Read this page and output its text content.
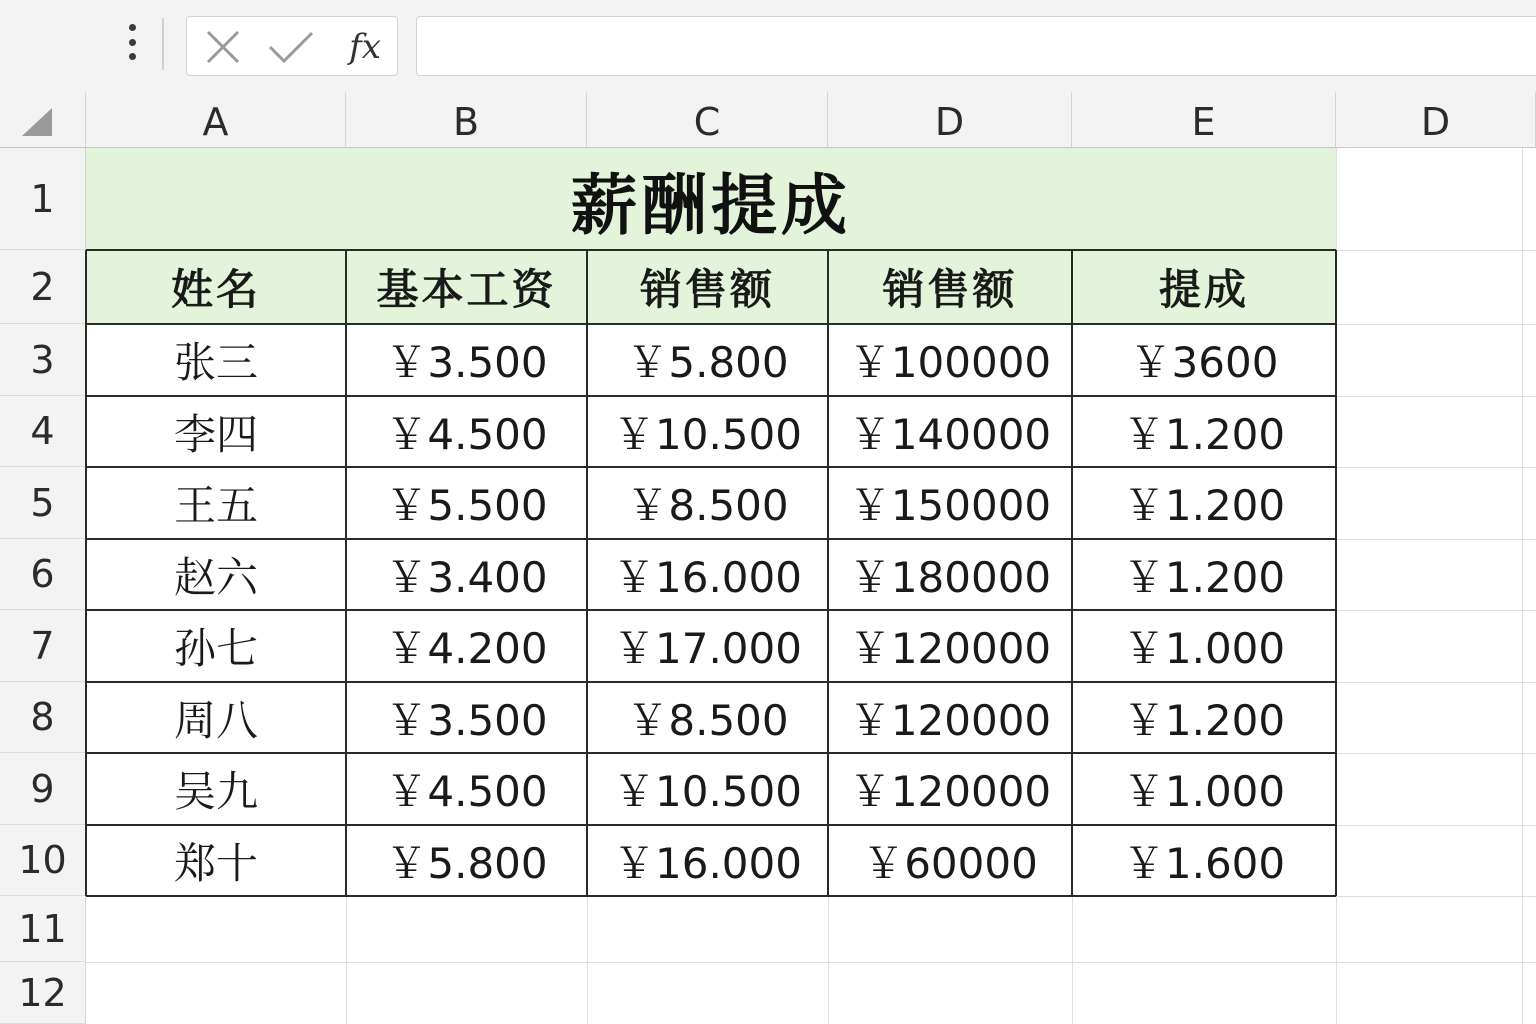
fx
A	B	C	D	E	D
1
2
3
4
5
6
7
8
9
10
11
12
薪酬提成
姓名	基本工资	销售额	销售额	提成
张三	￥3.500	￥5.800	￥100000	￥3600
李四	￥4.500	￥10.500	￥140000	￥1.200
王五	￥5.500	￥8.500	￥150000	￥1.200
赵六	￥3.400	￥16.000	￥180000	￥1.200
孙七	￥4.200	￥17.000	￥120000	￥1.000
周八	￥3.500	￥8.500	￥120000	￥1.200
吴九	￥4.500	￥10.500	￥120000	￥1.000
郑十	￥5.800	￥16.000	￥60000	￥1.600
